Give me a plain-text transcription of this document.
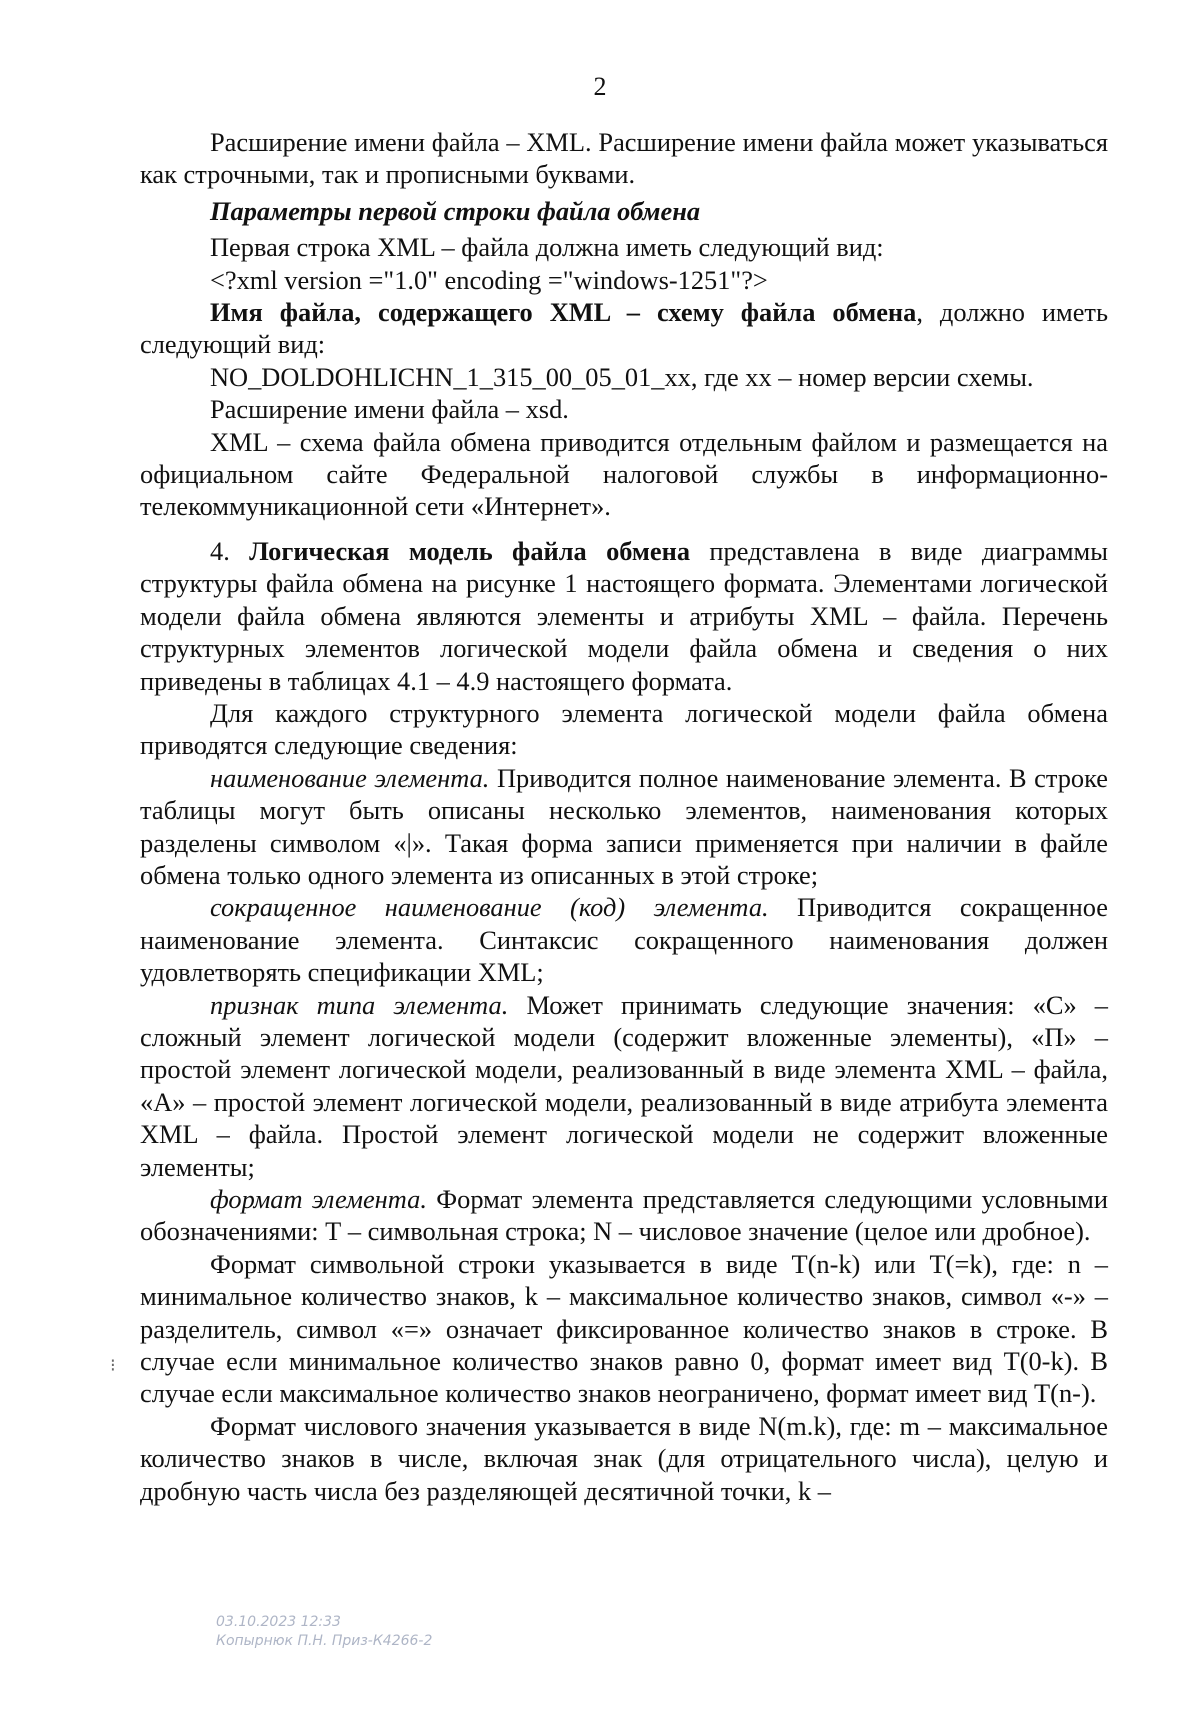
2

Расширение имени файла – XML. Расширение имени файла может указываться как строчными, так и прописными буквами.

Параметры первой строки файла обмена

Первая строка XML – файла должна иметь следующий вид:

<?xml version ="1.0" encoding ="windows-1251"?>

Имя файла, содержащего XML – схему файла обмена, должно иметь следующий вид:

NO_DOLDOHLICHN_1_315_00_05_01_xx, где xx – номер версии схемы.

Расширение имени файла – xsd.

XML – схема файла обмена приводится отдельным файлом и размещается на официальном сайте Федеральной налоговой службы в информационно-телекоммуникационной сети «Интернет».

4. Логическая модель файла обмена представлена в виде диаграммы структуры файла обмена на рисунке 1 настоящего формата. Элементами логической модели файла обмена являются элементы и атрибуты XML – файла. Перечень структурных элементов логической модели файла обмена и сведения о них приведены в таблицах 4.1 – 4.9 настоящего формата.

Для каждого структурного элемента логической модели файла обмена приводятся следующие сведения:

наименование элемента. Приводится полное наименование элемента. В строке таблицы могут быть описаны несколько элементов, наименования которых разделены символом «|». Такая форма записи применяется при наличии в файле обмена только одного элемента из описанных в этой строке;

сокращенное наименование (код) элемента. Приводится сокращенное наименование элемента. Синтаксис сокращенного наименования должен удовлетворять спецификации XML;

признак типа элемента. Может принимать следующие значения: «С» – сложный элемент логической модели (содержит вложенные элементы), «П» – простой элемент логической модели, реализованный в виде элемента XML – файла, «А» – простой элемент логической модели, реализованный в виде атрибута элемента XML – файла. Простой элемент логической модели не содержит вложенные элементы;

формат элемента. Формат элемента представляется следующими условными обозначениями: Т – символьная строка; N – числовое значение (целое или дробное).

Формат символьной строки указывается в виде Т(n-k) или T(=k), где: n – минимальное количество знаков, k – максимальное количество знаков, символ «-» – разделитель, символ «=» означает фиксированное количество знаков в строке. В случае если минимальное количество знаков равно 0, формат имеет вид Т(0-k). В случае если максимальное количество знаков неограничено, формат имеет вид Т(n-).

Формат числового значения указывается в виде N(m.k), где: m – максимальное количество знаков в числе, включая знак (для отрицательного числа), целую и дробную часть числа без разделяющей десятичной точки, k –

⁝
03.10.2023 12:33
Копырнюк П.Н. Приз-К4266-2
